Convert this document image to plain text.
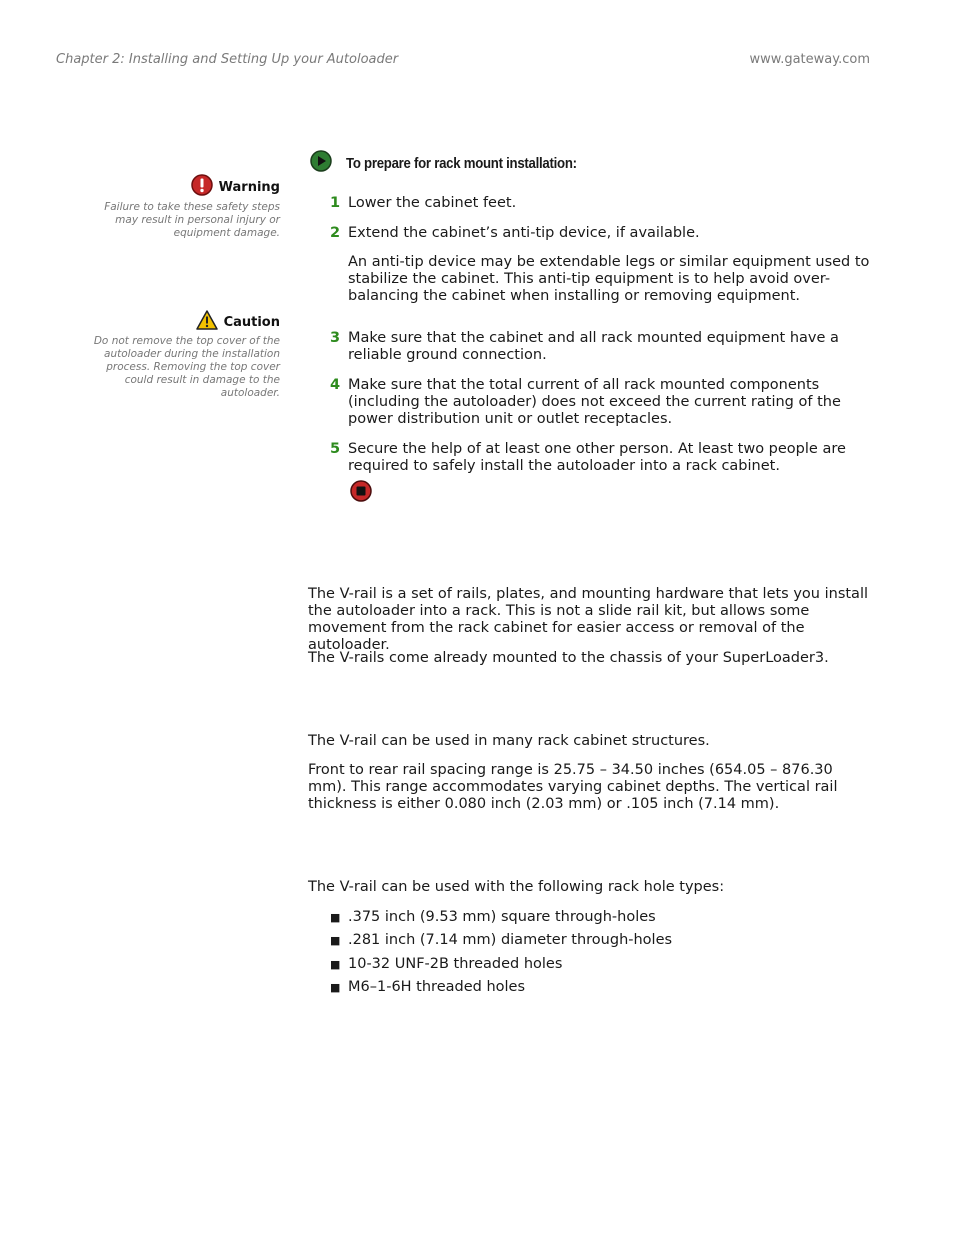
Chapter 2: Installing and Setting Up your Autoloader	www.gateway.com
Warning
Failure to take these safety steps may result in personal injury or equipment damage.
Caution
Do not remove the top cover of the autoloader during the installation process. Removing the top cover could result in damage to the autoloader.
To prepare for rack mount installation:
1 Lower the cabinet feet.
2 Extend the cabinet’s anti-tip device, if available.
An anti-tip device may be extendable legs or similar equipment used to stabilize the cabinet. This anti-tip equipment is to help avoid over-balancing the cabinet when installing or removing equipment.
3 Make sure that the cabinet and all rack mounted equipment have a reliable ground connection.
4 Make sure that the total current of all rack mounted components (including the autoloader) does not exceed the current rating of the power distribution unit or outlet receptacles.
5 Secure the help of at least one other person. At least two people are required to safely install the autoloader into a rack cabinet.
The V-rail is a set of rails, plates, and mounting hardware that lets you install the autoloader into a rack. This is not a slide rail kit, but allows some movement from the rack cabinet for easier access or removal of the autoloader.
The V-rails come already mounted to the chassis of your SuperLoader3.
The V-rail can be used in many rack cabinet structures.
Front to rear rail spacing range is 25.75 – 34.50 inches (654.05 – 876.30 mm). This range accommodates varying cabinet depths. The vertical rail thickness is either 0.080 inch (2.03 mm) or .105 inch (7.14 mm).
The V-rail can be used with the following rack hole types:
■ .375 inch (9.53 mm) square through-holes
■ .281 inch (7.14 mm) diameter through-holes
■ 10-32 UNF-2B threaded holes
■ M6–1-6H threaded holes
